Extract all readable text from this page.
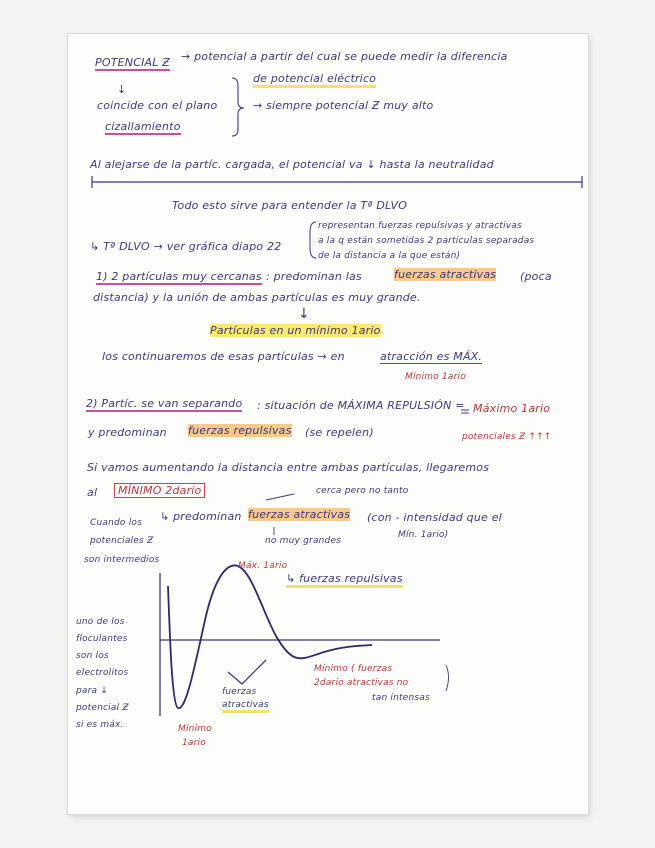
POTENCIAL Ƶ → potencial a partir del cual se puede medir la diferencia
de potencial eléctrico
↓
coincide con el plano
cizallamiento
→ siempre potencial Ƶ muy alto
Al alejarse de la partíc. cargada, el potencial va ↓ hasta la neutralidad
Todo esto sirve para entender la Tª DLVO
↳ Tª DLVO → ver gráfica diapo 22
representan fuerzas repulsivas y atractivas
a la q están sometidas 2 partículas separadas
de la distancia a la que están)
1) 2 partículas muy cercanas : predominan las	fuerzas atractivas (poca
distancia) y la unión de ambas partículas es muy grande.
↓
Partículas en un mínimo 1ario
los continuaremos de esas partículas → en	atracción es MÁX.
Mínimo 1ario
2) Partíc. se van separando : situación de MÁXIMA REPULSIÓN = Máximo 1ario
y predominan fuerzas repulsivas (se repelen)	potenciales Ƶ ↑↑↑
Si vamos aumentando la distancia entre ambas partículas, llegaremos
al	MÍNIMO 2dario	cerca pero no tanto
↳ predominan fuerzas atractivas (con - intensidad que el
Mín. 1ario)
no muy grandes
Cuando los
potenciales Ƶ
son intermedios
uno de los
floculantes
son los
electrolitos
para ↓
potencial Ƶ
si es máx.
Máx. 1ario
↳ fuerzas repulsivas
fuerzas
atractivas
Mínimo ( fuerzas
2dario atractivas no
tan intensas
Mínimo
1ario
